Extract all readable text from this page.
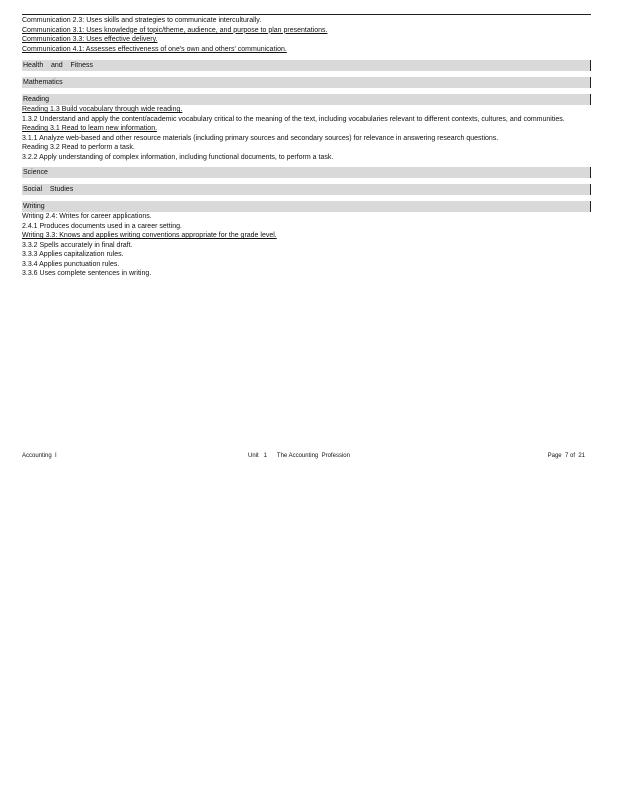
Communication 2.3: Uses skills and strategies to communicate interculturally.
Communication 3.1: Uses knowledge of topic/theme, audience, and purpose to plan presentations.
Communication 3.3: Uses effective delivery.
Communication 4.1: Assesses effectiveness of one's own and others' communication.
Health    and    Fitness
Mathematics
Reading
Reading 1.3 Build vocabulary through wide reading.
1.3.2 Understand and apply the content/academic vocabulary critical to the meaning of the text, including vocabularies relevant to different contexts, cultures, and communities.
Reading 3.1 Read to learn new information.
3.1.1 Analyze web-based and other resource materials (including primary sources and secondary sources) for relevance in answering research questions.
Reading 3.2 Read to perform a task.
3.2.2 Apply understanding of complex information, including functional documents, to perform a task.
Science
Social    Studies
Writing
Writing 2.4: Writes for career applications.
2.4.1 Produces documents used in a career setting.
Writing 3.3: Knows and applies writing conventions appropriate for the grade level.
3.3.2 Spells accurately in final draft.
3.3.3 Applies capitalization rules.
3.3.4 Applies punctuation rules.
3.3.6 Uses complete sentences in writing.
Accounting  I	Unit   1      The Accounting  Profession	Page  7 of  21
